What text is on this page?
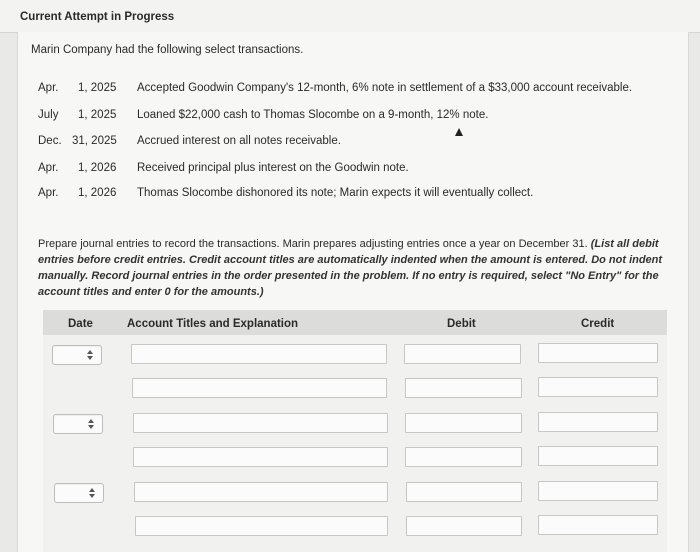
Current Attempt in Progress
Marin Company had the following select transactions.
Apr. 1, 2025 Accepted Goodwin Company's 12-month, 6% note in settlement of a $33,000 account receivable.
July 1, 2025 Loaned $22,000 cash to Thomas Slocombe on a 9-month, 12% note.
Dec. 31, 2025 Accrued interest on all notes receivable.
Apr. 1, 2026 Received principal plus interest on the Goodwin note.
Apr. 1, 2026 Thomas Slocombe dishonored its note; Marin expects it will eventually collect.
Prepare journal entries to record the transactions. Marin prepares adjusting entries once a year on December 31. (List all debit entries before credit entries. Credit account titles are automatically indented when the amount is entered. Do not indent manually. Record journal entries in the order presented in the problem. If no entry is required, select "No Entry" for the account titles and enter 0 for the amounts.)
Date	Account Titles and Explanation	Debit	Credit
